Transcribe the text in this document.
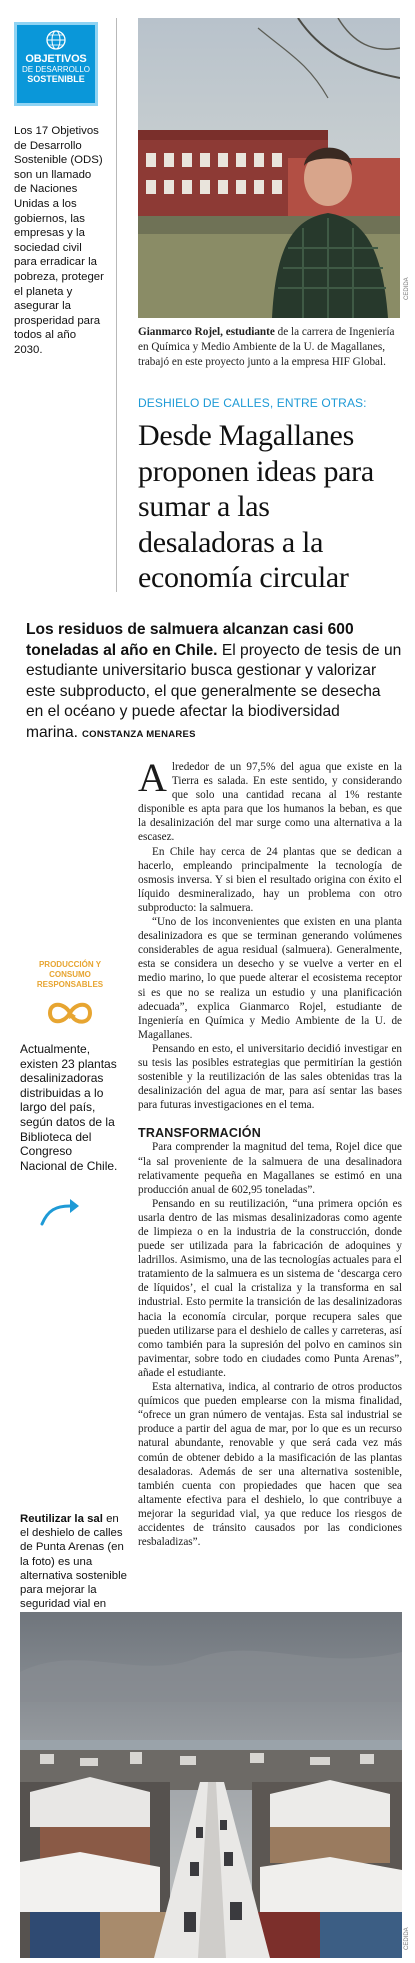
OBJETIVOS
DE DESARROLLO
SOSTENIBLE
Los 17 Objetivos de Desarrollo Sostenible (ODS) son un llamado de Naciones Unidas a los gobiernos, las empresas y la sociedad civil para erradicar la pobreza, proteger el planeta y asegurar la prosperidad para todos al año 2030.
CEDIDA
Gianmarco Rojel, estudiante de la carrera de Ingeniería en Química y Medio Ambiente de la U. de Magallanes, trabajó en este proyecto junto a la empresa HIF Global.
DESHIELO DE CALLES, ENTRE OTRAS:
Desde Magallanes proponen ideas para sumar a las desaladoras a la economía circular
Los residuos de salmuera alcanzan casi 600 toneladas al año en Chile. El proyecto de tesis de un estudiante universitario busca gestionar y valorizar este subproducto, el que generalmente se desecha en el océano y puede afectar la biodiversidad marina. CONSTANZA MENARES
PRODUCCIÓN Y CONSUMO RESPONSABLES
Actualmente, existen 23 plantas desalinizadoras distribuidas a lo largo del país, según datos de la Biblioteca del Congreso Nacional de Chile.
Reutilizar la sal en el deshielo de calles de Punta Arenas (en la foto) es una alternativa sostenible para mejorar la seguridad vial en

Alrededor de un 97,5% del agua que existe en la Tierra es salada. En este sentido, y considerando que solo una cantidad recana al 1% restante disponible es apta para que los humanos la beban, es que la desalinización del mar surge como una alternativa a la escasez.

En Chile hay cerca de 24 plantas que se dedican a hacerlo, empleando principalmente la tecnología de osmosis inversa. Y si bien el resultado origina con éxito el líquido desmineralizado, hay un problema con otro subproducto: la salmuera.

“Uno de los inconvenientes que existen en una planta desalinizadora es que se terminan generando volúmenes considerables de agua residual (salmuera). Generalmente, esta se considera un desecho y se vuelve a verter en el medio marino, lo que puede alterar el ecosistema receptor si es que no se realiza un estudio y una planificación adecuada”, explica Gianmarco Rojel, estudiante de Ingeniería en Química y Medio Ambiente de la U. de Magallanes.

Pensando en esto, el universitario decidió investigar en su tesis las posibles estrategias que permitirían la gestión sostenible y la reutilización de las sales obtenidas tras la desalinización del agua de mar, para así sentar las bases para futuras investigaciones en el tema.

TRANSFORMACIÓN

Para comprender la magnitud del tema, Rojel dice que “la sal proveniente de la salmuera de una desalinadora relativamente pequeña en Magallanes se estimó en una producción anual de 602,95 toneladas”.

Pensando en su reutilización, “una primera opción es usarla dentro de las mismas desalinizadoras como agente de limpieza o en la industria de la construcción, donde puede ser utilizada para la fabricación de adoquines y ladrillos. Asimismo, una de las tecnologías actuales para el tratamiento de la salmuera es un sistema de ‘descarga cero de líquidos’, el cual la cristaliza y la transforma en sal industrial. Esto permite la transición de las desalinizadoras hacia la economía circular, porque recupera sales que pueden utilizarse para el deshielo de calles y carreteras, así como también para la supresión del polvo en caminos sin pavimentar, sobre todo en ciudades como Punta Arenas”, añade el estudiante.

Esta alternativa, indica, al contrario de otros productos químicos que pueden emplearse con la misma finalidad, “ofrece un gran número de ventajas. Esta sal industrial se produce a partir del agua de mar, por lo que es un recurso natural abundante, renovable y que será cada vez más común de obtener debido a la masificación de las plantas desaladoras. Además de ser una alternativa sostenible, también cuenta con propiedades que hacen que sea altamente efectiva para el deshielo, lo que contribuye a mejorar la seguridad vial, ya que reduce los riesgos de accidentes de tránsito causados por las condiciones resbaladizas”.

CEDIDA
